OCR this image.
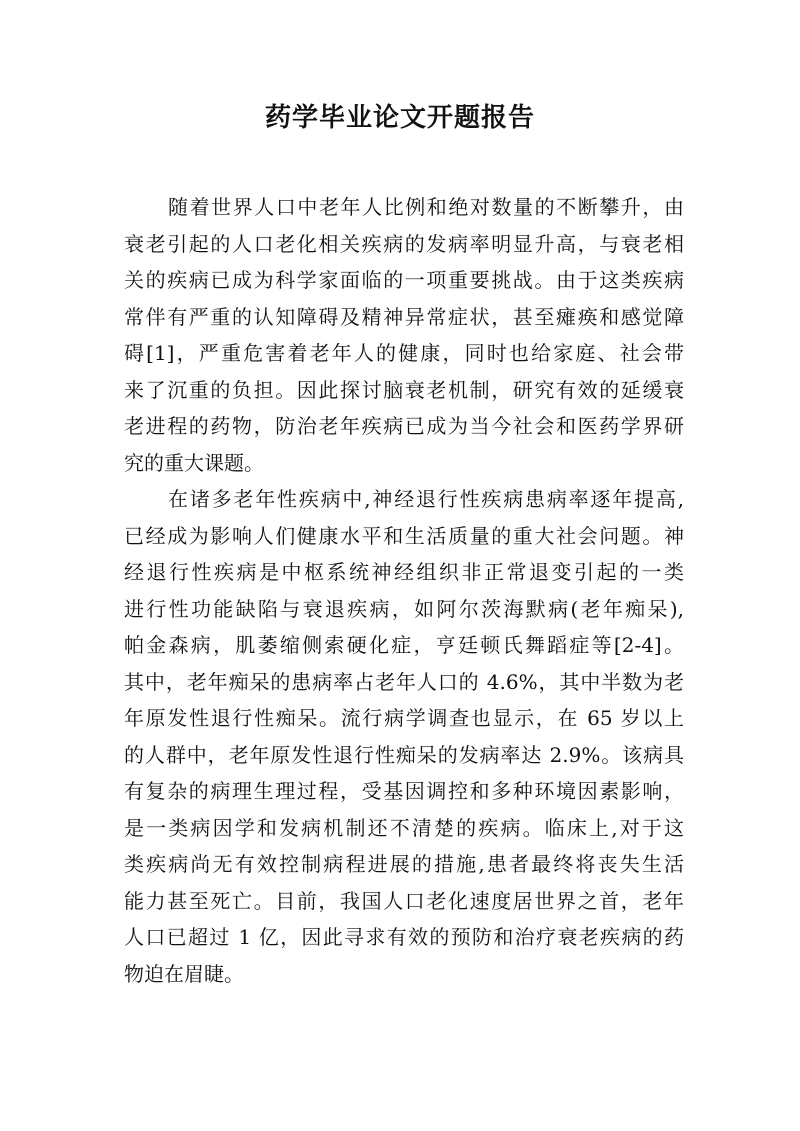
药学毕业论文开题报告
随着世界人口中老年人比例和绝对数量的不断攀升，由
衰老引起的人口老化相关疾病的发病率明显升高，与衰老相
关的疾病已成为科学家面临的一项重要挑战。由于这类疾病
常伴有严重的认知障碍及精神异常症状，甚至瘫痪和感觉障
碍[1]，严重危害着老年人的健康，同时也给家庭、社会带
来了沉重的负担。因此探讨脑衰老机制，研究有效的延缓衰
老进程的药物，防治老年疾病已成为当今社会和医药学界研
究的重大课题。
在诸多老年性疾病中,神经退行性疾病患病率逐年提高,
已经成为影响人们健康水平和生活质量的重大社会问题。神
经退行性疾病是中枢系统神经组织非正常退变引起的一类
进行性功能缺陷与衰退疾病，如阿尔茨海默病(老年痴呆),
帕金森病，肌萎缩侧索硬化症，亨廷顿氏舞蹈症等[2-4]。
其中，老年痴呆的患病率占老年人口的 4.6%，其中半数为老
年原发性退行性痴呆。流行病学调查也显示，在 65 岁以上
的人群中，老年原发性退行性痴呆的发病率达 2.9%。该病具
有复杂的病理生理过程，受基因调控和多种环境因素影响，
是一类病因学和发病机制还不清楚的疾病。临床上,对于这
类疾病尚无有效控制病程进展的措施,患者最终将丧失生活
能力甚至死亡。目前，我国人口老化速度居世界之首，老年
人口已超过 1 亿，因此寻求有效的预防和治疗衰老疾病的药
物迫在眉睫。
